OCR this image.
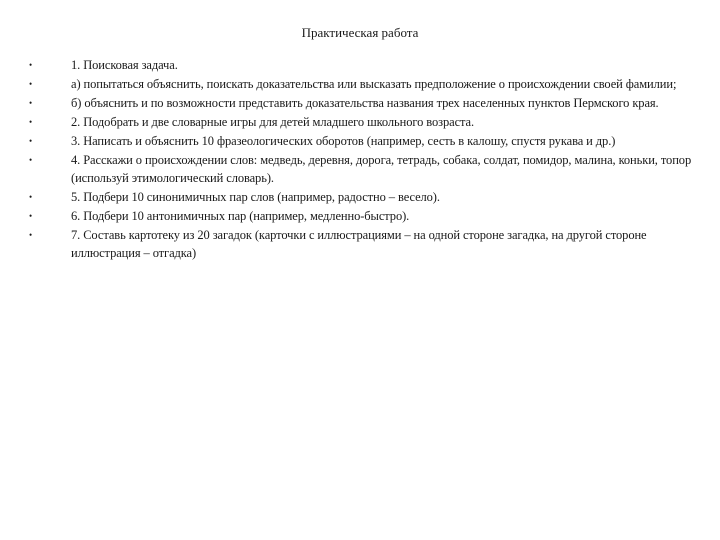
Практическая работа
•	1. Поисковая задача.
•	а) попытаться объяснить, поискать доказательства или высказать предположение о происхождении своей фамилии;
•	б) объяснить и по возможности представить доказательства названия трех населенных пунктов Пермского края.
•	2. Подобрать и две словарные игры для детей младшего школьного возраста.
•	3. Написать и объяснить 10 фразеологических оборотов (например, сесть в калошу, спустя рукава и др.)
•	4. Расскажи о происхождении слов: медведь, деревня, дорога, тетрадь, собака, солдат, помидор, малина, коньки, топор (используй этимологический словарь).
•	5. Подбери 10 синонимичных пар слов (например, радостно – весело).
•	6. Подбери 10 антонимичных пар (например, медленно-быстро).
•	7. Составь картотеку из 20 загадок (карточки с иллюстрациями – на одной стороне загадка, на другой стороне иллюстрация – отгадка)
